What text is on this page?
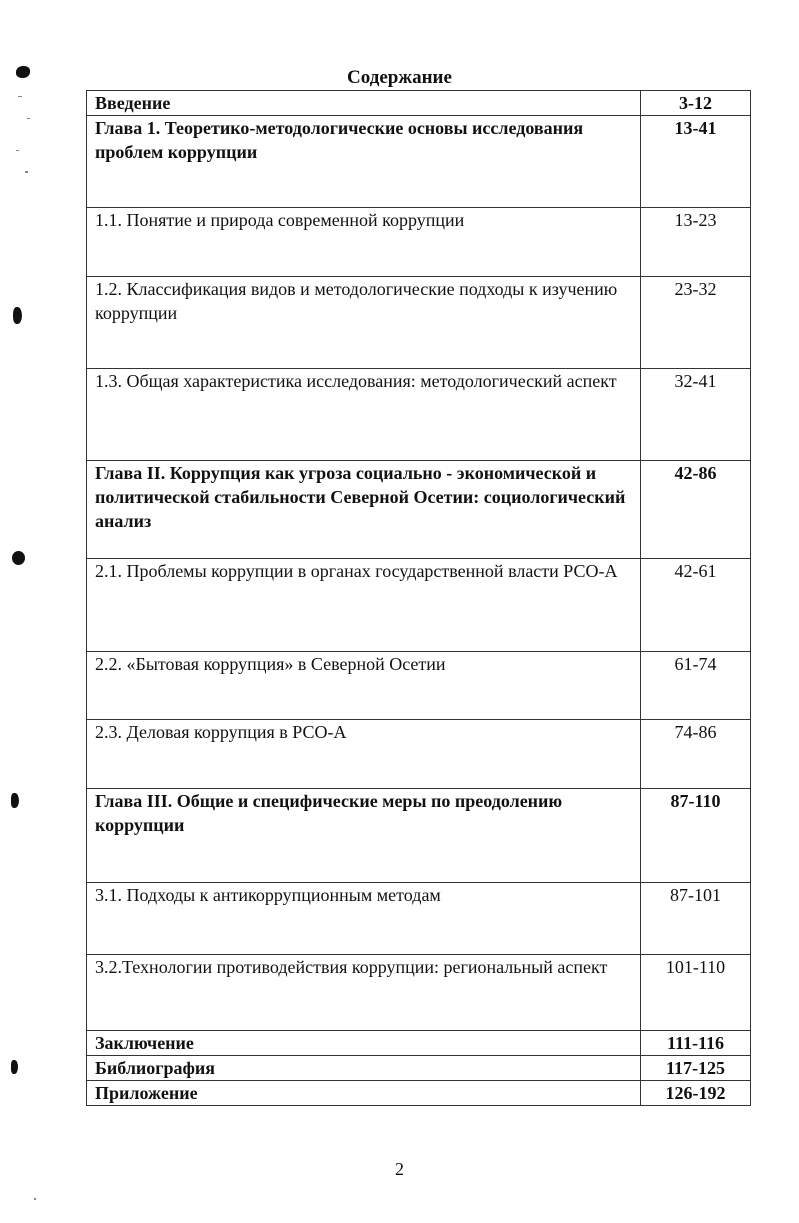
Содержание
Введение	3-12
Глава 1. Теоретико-методологические основы исследования проблем коррупции	13-41
1.1. Понятие и природа современной коррупции	13-23
1.2. Классификация видов и методологические подходы к изучению коррупции	23-32
1.3. Общая характеристика исследования: методологический аспект	32-41
Глава II. Коррупция как угроза социально - экономической и политической стабильности Северной Осетии: социологический анализ	42-86
2.1. Проблемы коррупции в органах государственной власти РСО-А	42-61
2.2. «Бытовая коррупция» в Северной Осетии	61-74
2.3. Деловая коррупция в РСО-А	74-86
Глава III. Общие и специфические меры по преодолению коррупции	87-110
3.1. Подходы к антикоррупционным методам	87-101
3.2.Технологии противодействия коррупции: региональный аспект	101-110
Заключение	111-116
Библиография	117-125
Приложение	126-192
2
